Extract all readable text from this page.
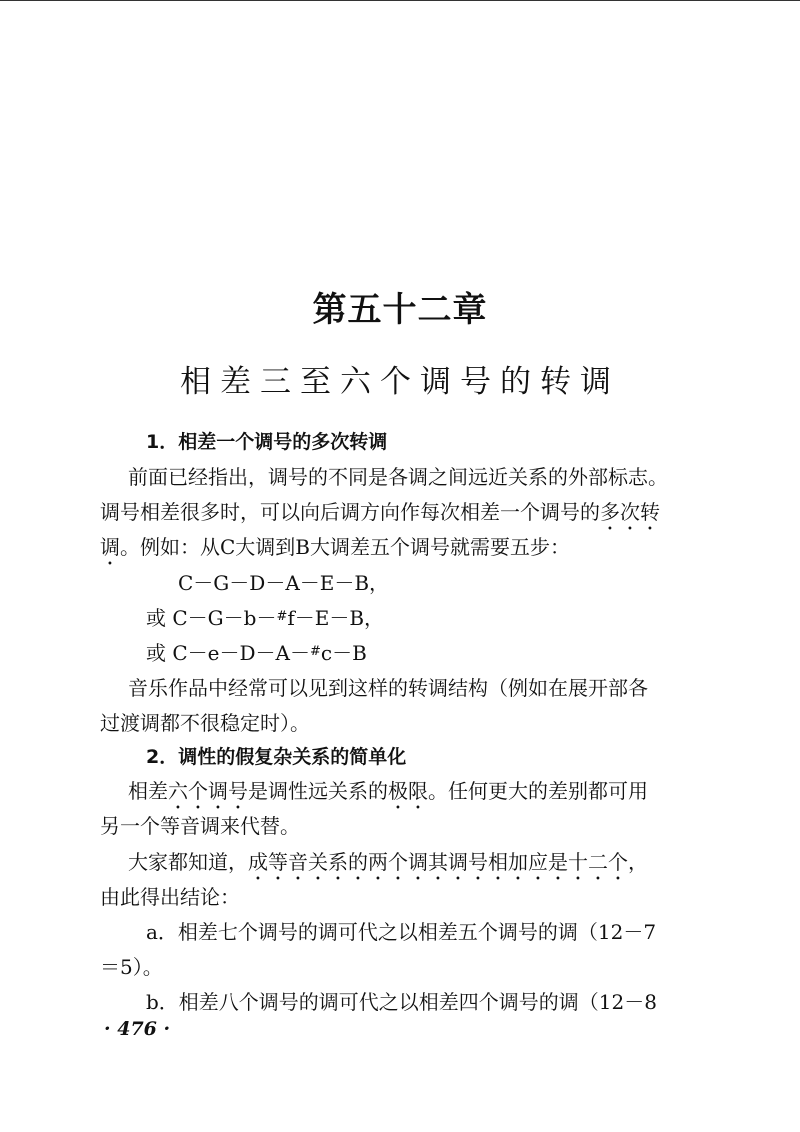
第五十二章
相差三至六个调号的转调
1．相差一个调号的多次转调
前面已经指出，调号的不同是各调之间远近关系的外部标志。
调号相差很多时，可以向后调方向作每次相差一个调号的多次转
调。例如：从C大调到B大调差五个调号就需要五步：
C－G－D－A－E－B，
或 C－G－b－#f－E－B，
或 C－e－D－A－#c－B
音乐作品中经常可以见到这样的转调结构（例如在展开部各
过渡调都不很稳定时）。
2．调性的假复杂关系的简单化
相差六个调号是调性远关系的极限。任何更大的差别都可用
另一个等音调来代替。
大家都知道，成等音关系的两个调其调号相加应是十二个，
由此得出结论：
a．相差七个调号的调可代之以相差五个调号的调（12－7
＝5）。
b．相差八个调号的调可代之以相差四个调号的调（12－8
· 476 ·
